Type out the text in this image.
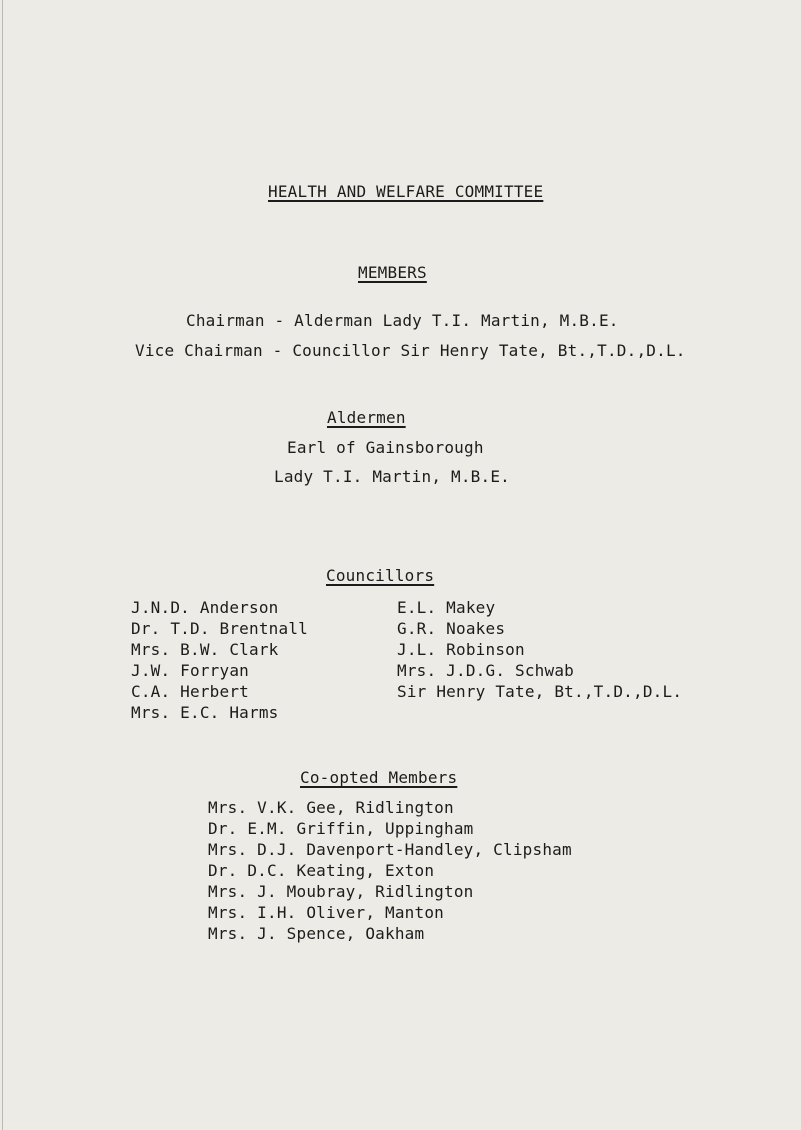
HEALTH AND WELFARE COMMITTEE
MEMBERS
Chairman - Alderman Lady T.I. Martin, M.B.E.
Vice Chairman - Councillor Sir Henry Tate, Bt.,T.D.,D.L.
Aldermen
Earl of Gainsborough
Lady T.I. Martin, M.B.E.
Councillors
J.N.D. Anderson
Dr. T.D. Brentnall
Mrs. B.W. Clark
J.W. Forryan
C.A. Herbert
Mrs. E.C. Harms
E.L. Makey
G.R. Noakes
J.L. Robinson
Mrs. J.D.G. Schwab
Sir Henry Tate, Bt.,T.D.,D.L.
Co-opted Members
Mrs. V.K. Gee, Ridlington
Dr. E.M. Griffin, Uppingham
Mrs. D.J. Davenport-Handley, Clipsham
Dr. D.C. Keating, Exton
Mrs. J. Moubray, Ridlington
Mrs. I.H. Oliver, Manton
Mrs. J. Spence, Oakham
